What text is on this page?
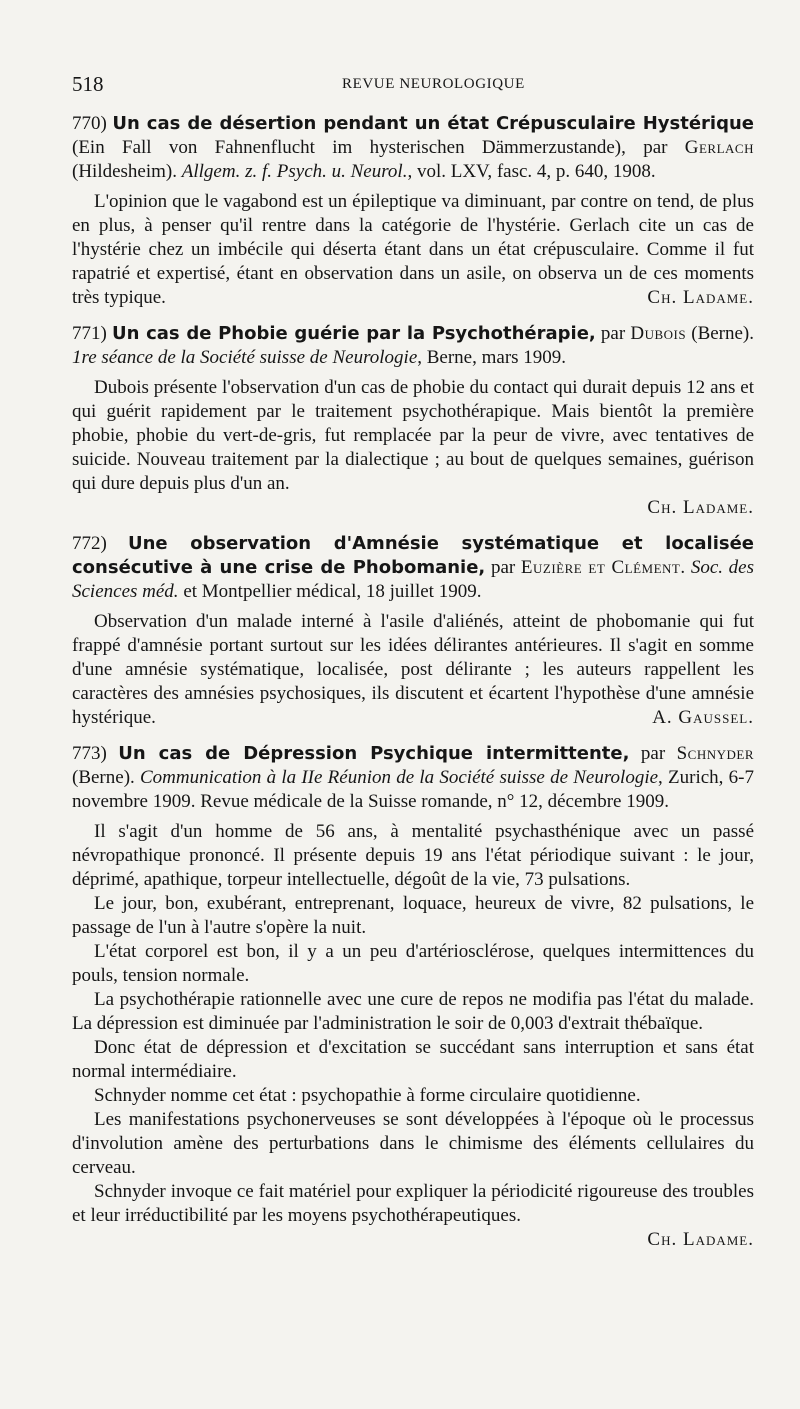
518	REVUE NEUROLOGIQUE

770) Un cas de désertion pendant un état Crépusculaire Hystérique (Ein Fall von Fahnenflucht im hysterischen Dämmerzustande), par Gerlach (Hildesheim). Allgem. z. f. Psych. u. Neurol., vol. LXV, fasc. 4, p. 640, 1908.

L'opinion que le vagabond est un épileptique va diminuant, par contre on tend, de plus en plus, à penser qu'il rentre dans la catégorie de l'hystérie. Gerlach cite un cas de l'hystérie chez un imbécile qui déserta étant dans un état crépusculaire. Comme il fut rapatrié et expertisé, étant en observation dans un asile, on observa un de ces moments très typique.	Ch. Ladame.

771) Un cas de Phobie guérie par la Psychothérapie, par Dubois (Berne). 1re séance de la Société suisse de Neurologie, Berne, mars 1909.

Dubois présente l'observation d'un cas de phobie du contact qui durait depuis 12 ans et qui guérit rapidement par le traitement psychothérapique. Mais bientôt la première phobie, phobie du vert-de-gris, fut remplacée par la peur de vivre, avec tentatives de suicide. Nouveau traitement par la dialectique ; au bout de quelques semaines, guérison qui dure depuis plus d'un an.

Ch. Ladame.

772) Une observation d'Amnésie systématique et localisée consécutive à une crise de Phobomanie, par Euzière et Clément. Soc. des Sciences méd. et Montpellier médical, 18 juillet 1909.

Observation d'un malade interné à l'asile d'aliénés, atteint de phobomanie qui fut frappé d'amnésie portant surtout sur les idées délirantes antérieures. Il s'agit en somme d'une amnésie systématique, localisée, post délirante ; les auteurs rappellent les caractères des amnésies psychosiques, ils discutent et écartent l'hypothèse d'une amnésie hystérique.	A. Gaussel.

773) Un cas de Dépression Psychique intermittente, par Schnyder (Berne). Communication à la IIe Réunion de la Société suisse de Neurologie, Zurich, 6-7 novembre 1909. Revue médicale de la Suisse romande, n° 12, décembre 1909.

Il s'agit d'un homme de 56 ans, à mentalité psychasthénique avec un passé névropathique prononcé. Il présente depuis 19 ans l'état périodique suivant : le jour, déprimé, apathique, torpeur intellectuelle, dégoût de la vie, 73 pulsations.

Le jour, bon, exubérant, entreprenant, loquace, heureux de vivre, 82 pulsations, le passage de l'un à l'autre s'opère la nuit.

L'état corporel est bon, il y a un peu d'artériosclérose, quelques intermittences du pouls, tension normale.

La psychothérapie rationnelle avec une cure de repos ne modifia pas l'état du malade. La dépression est diminuée par l'administration le soir de 0,003 d'extrait thébaïque.

Donc état de dépression et d'excitation se succédant sans interruption et sans état normal intermédiaire.

Schnyder nomme cet état : psychopathie à forme circulaire quotidienne.

Les manifestations psychonerveuses se sont développées à l'époque où le processus d'involution amène des perturbations dans le chimisme des éléments cellulaires du cerveau.

Schnyder invoque ce fait matériel pour expliquer la périodicité rigoureuse des troubles et leur irréductibilité par les moyens psychothérapeutiques.

Ch. Ladame.
